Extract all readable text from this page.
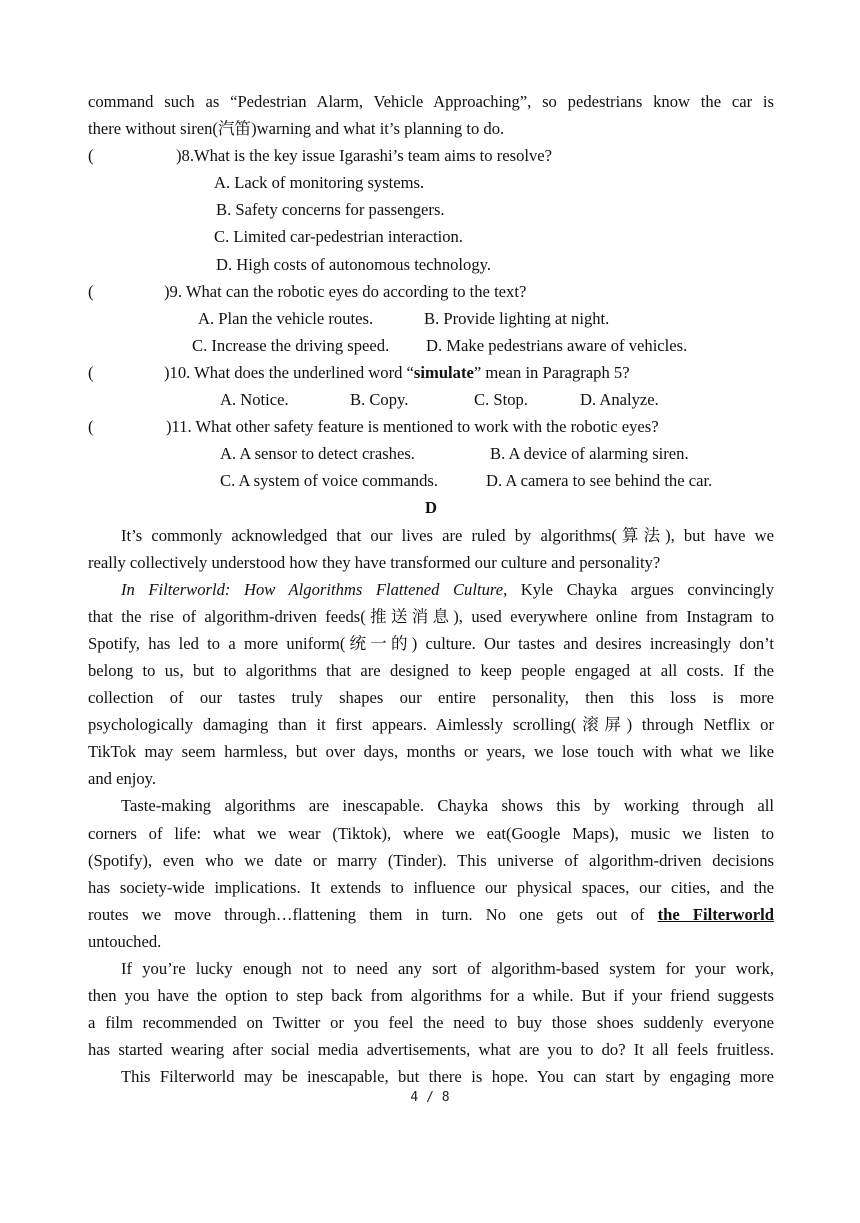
command such as “Pedestrian Alarm, Vehicle Approaching”, so pedestrians know the car is
there without siren(汽笛)warning and what it’s planning to do.
(	)8.What is the key issue Igarashi’s team aims to resolve?
A. Lack of monitoring systems.
B. Safety concerns for passengers.
C. Limited car-pedestrian interaction.
D. High costs of autonomous technology.
(	)9. What can the robotic eyes do according to the text?
A. Plan the vehicle routes.	B. Provide lighting at night.
C. Increase the driving speed. D. Make pedestrians aware of vehicles.
(	)10. What does the underlined word “simulate” mean in Paragraph 5?
A. Notice.	B. Copy.	C. Stop.	D. Analyze.
(	)11. What other safety feature is mentioned to work with the robotic eyes?
A. A sensor to detect crashes.	B. A device of alarming siren.
C. A system of voice commands.	D. A camera to see behind the car.
D
It’s commonly acknowledged that our lives are ruled by algorithms(算法), but have we
really collectively understood how they have transformed our culture and personality?
In Filterworld: How Algorithms Flattened Culture, Kyle Chayka argues convincingly
that the rise of algorithm-driven feeds(推送消息), used everywhere online from Instagram to
Spotify, has led to a more uniform(统一的) culture. Our tastes and desires increasingly don’t
belong to us, but to algorithms that are designed to keep people engaged at all costs. If the
collection of our tastes truly shapes our entire personality, then this loss is more
psychologically damaging than it first appears. Aimlessly scrolling(滚屏) through Netflix or
TikTok may seem harmless, but over days, months or years, we lose touch with what we like
and enjoy.
Taste-making algorithms are inescapable. Chayka shows this by working through all
corners of life: what we wear (Tiktok), where we eat(Google Maps), music we listen to
(Spotify), even who we date or marry (Tinder). This universe of algorithm-driven decisions
has society-wide implications. It extends to influence our physical spaces, our cities, and the
routes we move through…flattening them in turn. No one gets out of the Filterworld
untouched.
If you’re lucky enough not to need any sort of algorithm-based system for your work,
then you have the option to step back from algorithms for a while. But if your friend suggests
a film recommended on Twitter or you feel the need to buy those shoes suddenly everyone
has started wearing after social media advertisements, what are you to do? It all feels fruitless.
This Filterworld may be inescapable, but there is hope. You can start by engaging more
4 / 8
